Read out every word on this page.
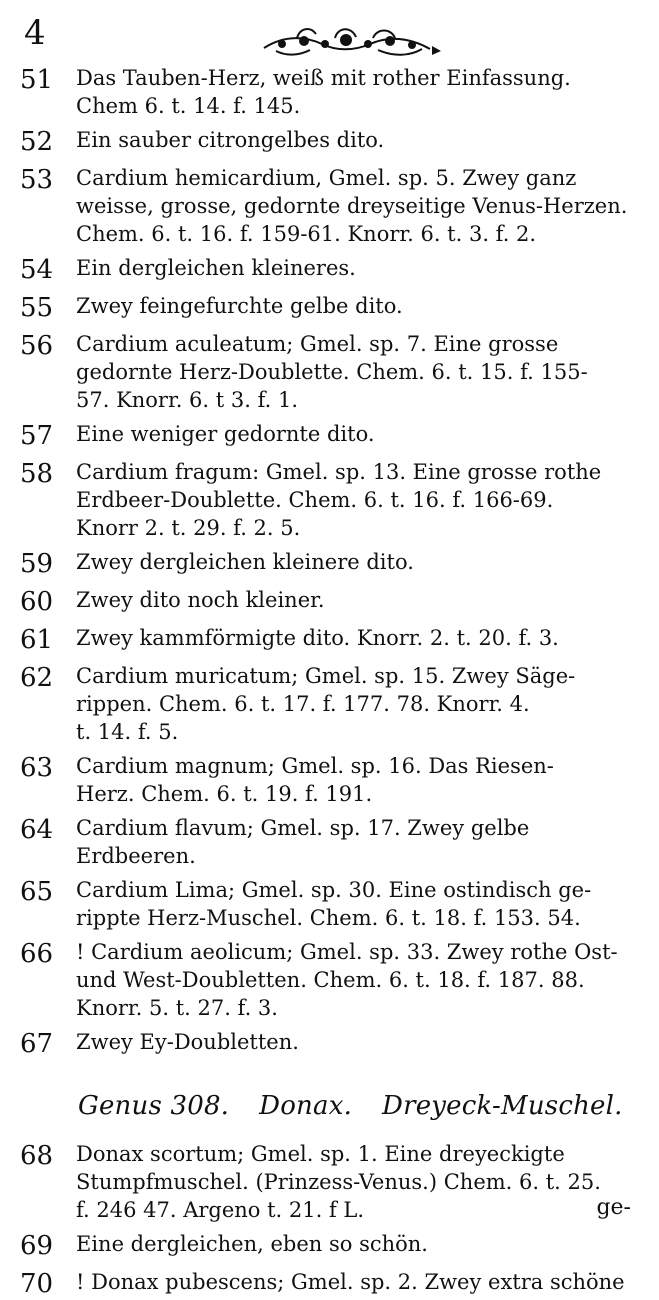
4
51	Das Tauben-Herz, weiß mit rother Einfassung.
Chem 6. t. 14. f. 145.
52	Ein sauber citrongelbes dito.
53	Cardium hemicardium, Gmel. sp. 5. Zwey ganz
weisse, grosse, gedornte dreyseitige Venus-Herzen.
Chem. 6. t. 16. f. 159-61. Knorr. 6. t. 3. f. 2.
54	Ein dergleichen kleineres.
55	Zwey feingefurchte gelbe dito.
56	Cardium aculeatum; Gmel. sp. 7. Eine grosse
gedornte Herz-Doublette. Chem. 6. t. 15. f. 155-
57. Knorr. 6. t 3. f. 1.
57	Eine weniger gedornte dito.
58	Cardium fragum: Gmel. sp. 13. Eine grosse rothe
Erdbeer-Doublette. Chem. 6. t. 16. f. 166-69.
Knorr 2. t. 29. f. 2. 5.
59	Zwey dergleichen kleinere dito.
60	Zwey dito noch kleiner.
61	Zwey kammförmigte dito. Knorr. 2. t. 20. f. 3.
62	Cardium muricatum; Gmel. sp. 15. Zwey Säge-
rippen. Chem. 6. t. 17. f. 177. 78. Knorr. 4.
t. 14. f. 5.
63	Cardium magnum; Gmel. sp. 16. Das Riesen-
Herz. Chem. 6. t. 19. f. 191.
64	Cardium flavum; Gmel. sp. 17. Zwey gelbe
Erdbeeren.
65	Cardium Lima; Gmel. sp. 30. Eine ostindisch ge-
rippte Herz-Muschel. Chem. 6. t. 18. f. 153. 54.
66	! Cardium aeolicum; Gmel. sp. 33. Zwey rothe Ost-
und West-Doubletten. Chem. 6. t. 18. f. 187. 88.
Knorr. 5. t. 27. f. 3.
67	Zwey Ey-Doubletten.
Genus 308. Donax. Dreyeck-Muschel.
68	Donax scortum; Gmel. sp. 1. Eine dreyeckigte
Stumpfmuschel. (Prinzess-Venus.) Chem. 6. t. 25.
f. 246 47. Argeno t. 21. f L.
69	Eine dergleichen, eben so schön.
70	! Donax pubescens; Gmel. sp. 2. Zwey extra schöne
ge-
